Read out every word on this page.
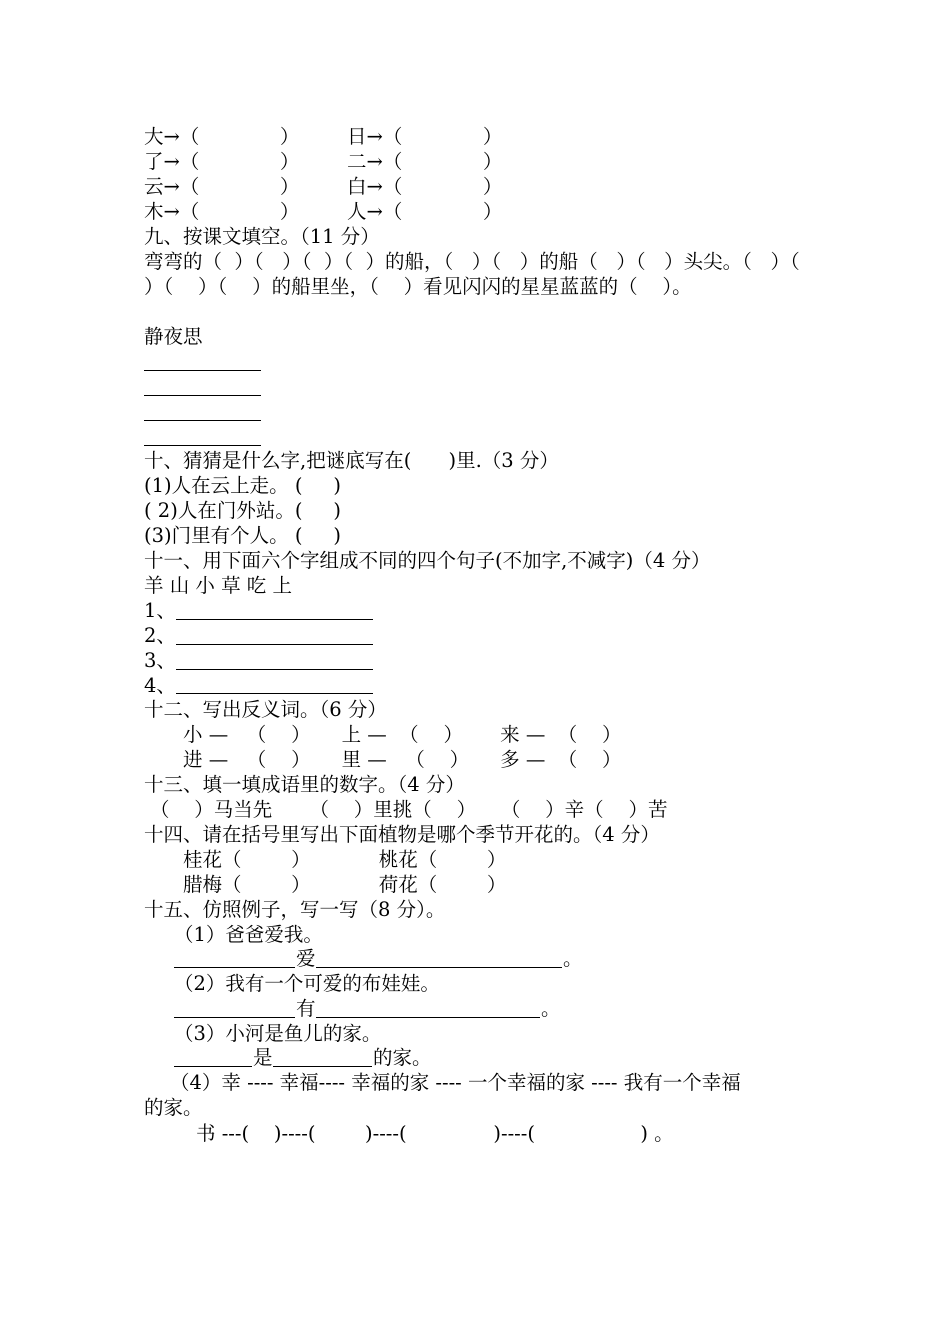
大→（             ） 日→（             ）
了→（             ） 二→（             ）
云→（             ） 白→（             ）
木→（             ） 人→（             ）
九、按课文填空。（11 分）
弯弯的（  ）（   ）（  ）（  ）的船，（   ）（   ）的船（   ）（   ）头尖。（   ）（
）（    ）（    ）的船里坐，（    ）看见闪闪的星星蓝蓝的（    ）。
静夜思
十、猜猜是什么字,把谜底写在(      )里.（3 分）
(1)人在云上走。 (     )
( 2)人在门外站。(     )
(3)门里有个人。 (     )
十一、用下面六个字组成不同的四个句子(不加字,不减字)（4 分）
羊 山 小 草 吃 上
1、
2、
3、
4、
十二、写出反义词。（6 分）
小 —   （    ）     上 —  （    ）      来 —  （    ）
进 —   （    ）     里 —   （    ）     多 —  （    ）
十三、填一填成语里的数字。（4 分）
（    ）马当先      （    ）里挑（    ）    （    ）辛（    ）苦
十四、请在括号里写出下面植物是哪个季节开花的。（4 分）
桂花（        ）           桃花（        ）
腊梅（        ）           荷花（        ）
十五、仿照例子，写一写（8 分）。
（1）爸爸爱我。
爱	。
（2）我有一个可爱的布娃娃。
有	。
（3）小河是鱼儿的家。
是	的家。
（4）幸 ---- 幸福---- 幸福的家 ---- 一个幸福的家 ---- 我有一个幸福
的家。
书 ---(    )----(        )----(              )----(                 ) 。
